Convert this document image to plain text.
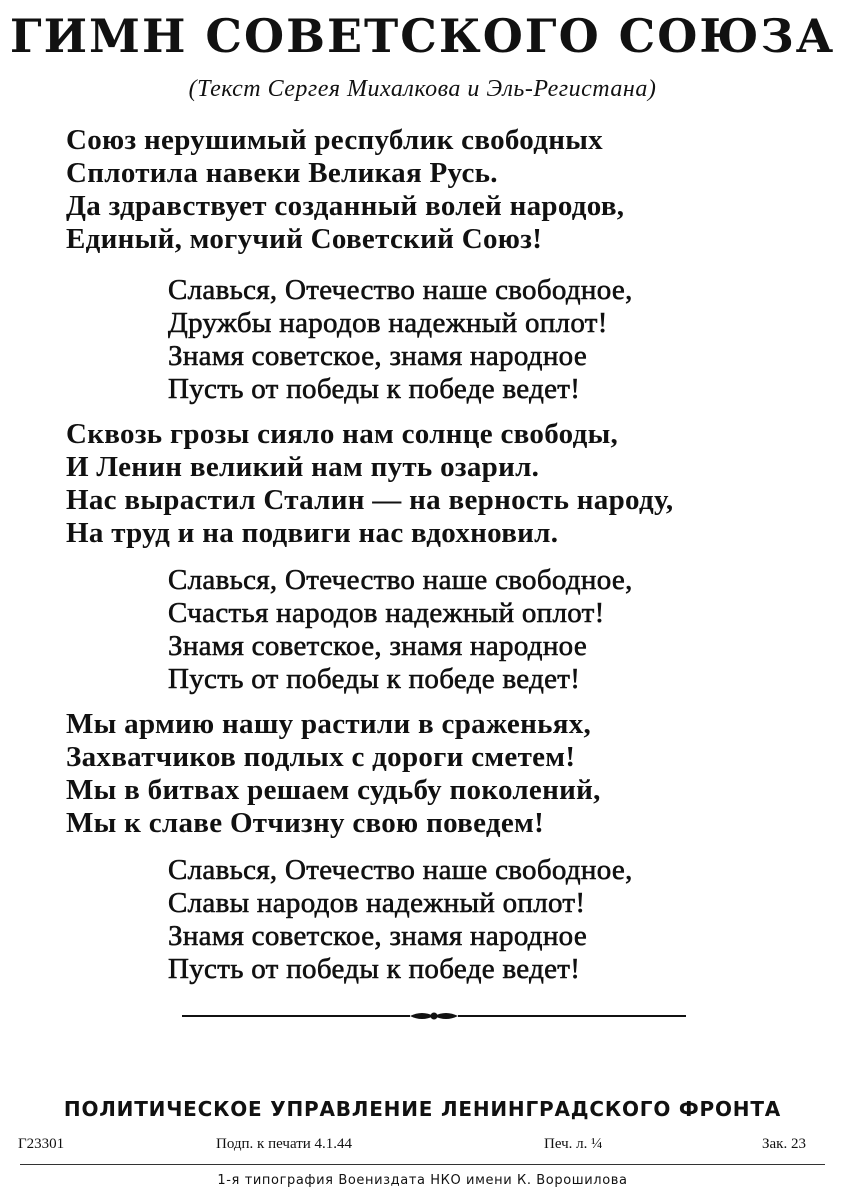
ГИМН СОВЕТСКОГО СОЮЗА
(Текст Сергея Михалкова и Эль-Регистана)
Союз нерушимый республик свободных
Сплотила навеки Великая Русь.
Да здравствует созданный волей народов,
Единый, могучий Советский Союз!
Славься, Отечество наше свободное,
Дружбы народов надежный оплот!
Знамя советское, знамя народное
Пусть от победы к победе ведет!
Сквозь грозы сияло нам солнце свободы,
И Ленин великий нам путь озарил.
Нас вырастил Сталин — на верность народу,
На труд и на подвиги нас вдохновил.
Славься, Отечество наше свободное,
Счастья народов надежный оплот!
Знамя советское, знамя народное
Пусть от победы к победе ведет!
Мы армию нашу растили в сраженьях,
Захватчиков подлых с дороги сметем!
Мы в битвах решаем судьбу поколений,
Мы к славе Отчизну свою поведем!
Славься, Отечество наше свободное,
Славы народов надежный оплот!
Знамя советское, знамя народное
Пусть от победы к победе ведет!
ПОЛИТИЧЕСКОЕ УПРАВЛЕНИЕ ЛЕНИНГРАДСКОГО ФРОНТА
Г23301	Подп. к печати 4.1.44	Печ. л. ¼	Зак. 23
1-я типография Воениздата НКО имени К. Ворошилова
